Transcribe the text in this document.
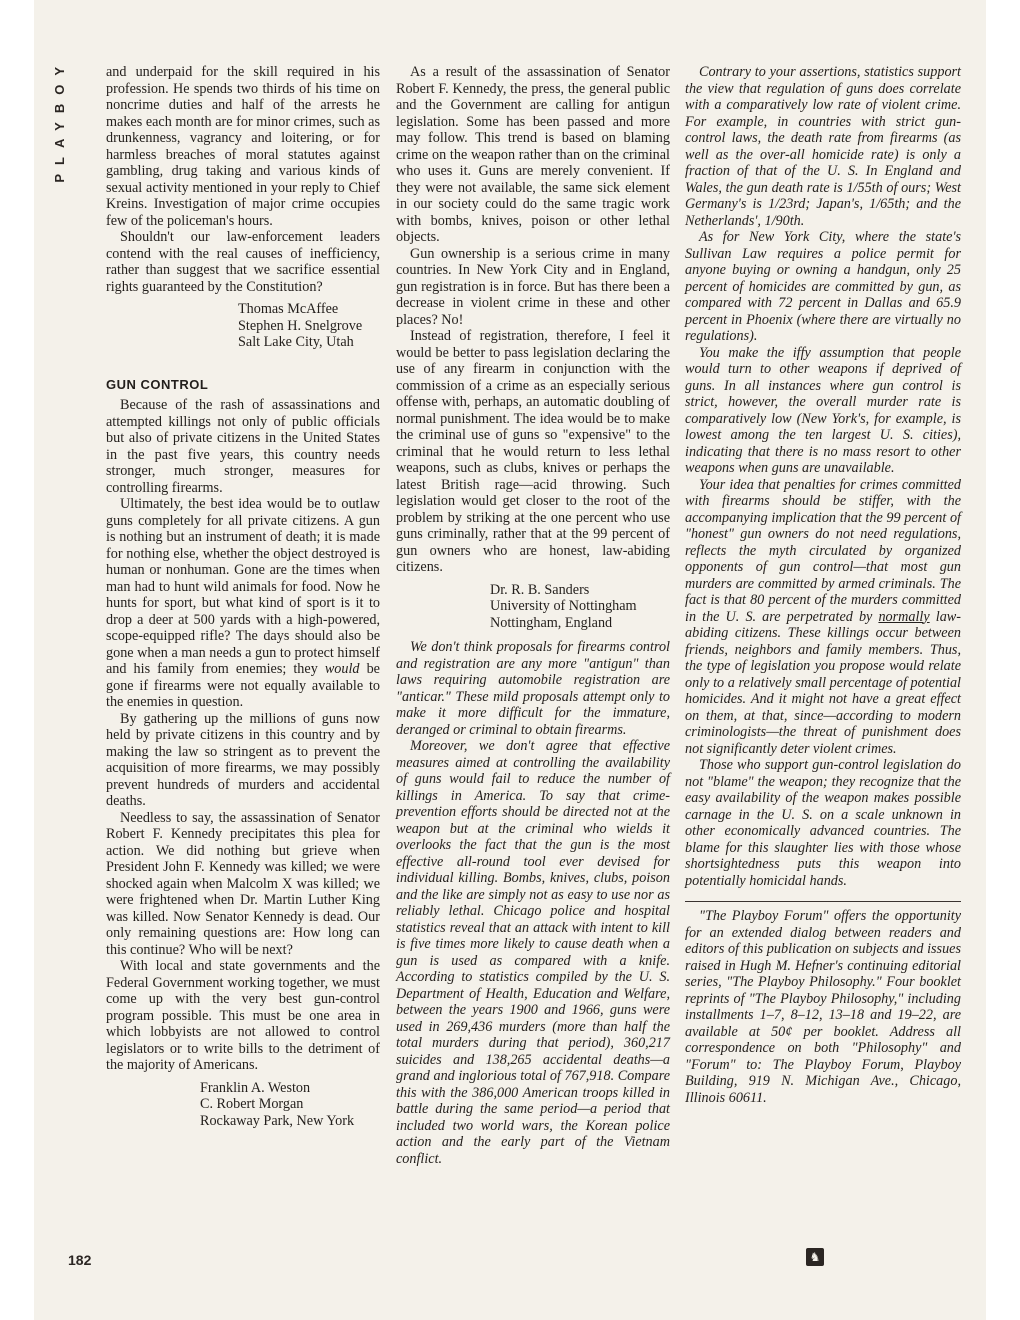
PLAYBOY	and underpaid for the skill required in his profession. He spends two thirds of his time on noncrime duties and half of the arrests he makes each month are for minor crimes, such as drunkenness, vagrancy and loitering, or for harmless breaches of moral statutes against gambling, drug taking and various kinds of sexual activity mentioned in your reply to Chief Kreins. Investigation of major crime occupies few of the policeman's hours.

Shouldn't our law-enforcement leaders contend with the real causes of inefficiency, rather than suggest that we sacrifice essential rights guaranteed by the Constitution?

Thomas McAffee
Stephen H. Snelgrove
Salt Lake City, Utah
GUN CONTROL

Because of the rash of assassinations and attempted killings not only of public officials but also of private citizens in the United States in the past five years, this country needs stronger, much stronger, measures for controlling firearms.

Ultimately, the best idea would be to outlaw guns completely for all private citizens. A gun is nothing but an instrument of death; it is made for nothing else, whether the object destroyed is human or nonhuman. Gone are the times when man had to hunt wild animals for food. Now he hunts for sport, but what kind of sport is it to drop a deer at 500 yards with a high-powered, scope-equipped rifle? The days should also be gone when a man needs a gun to protect himself and his family from enemies; they would be gone if firearms were not equally available to the enemies in question.

By gathering up the millions of guns now held by private citizens in this country and by making the law so stringent as to prevent the acquisition of more firearms, we may possibly prevent hundreds of murders and accidental deaths.

Needless to say, the assassination of Senator Robert F. Kennedy precipitates this plea for action. We did nothing but grieve when President John F. Kennedy was killed; we were shocked again when Malcolm X was killed; we were frightened when Dr. Martin Luther King was killed. Now Senator Kennedy is dead. Our only remaining questions are: How long can this continue? Who will be next?

With local and state governments and the Federal Government working together, we must come up with the very best gun-control program possible. This must be one area in which lobbyists are not allowed to control legislators or to write bills to the detriment of the majority of Americans.

Franklin A. Weston
C. Robert Morgan
Rockaway Park, New York

As a result of the assassination of Senator Robert F. Kennedy, the press, the general public and the Government are calling for antigun legislation. Some has been passed and more may follow. This trend is based on blaming crime on the weapon rather than on the criminal who uses it. Guns are merely convenient. If they were not available, the same sick element in our society could do the same tragic work with bombs, knives, poison or other lethal objects.

Gun ownership is a serious crime in many countries. In New York City and in England, gun registration is in force. But has there been a decrease in violent crime in these and other places? No!

Instead of registration, therefore, I feel it would be better to pass legislation declaring the use of any firearm in conjunction with the commission of a crime as an especially serious offense with, perhaps, an automatic doubling of normal punishment. The idea would be to make the criminal use of guns so "expensive" to the criminal that he would return to less lethal weapons, such as clubs, knives or perhaps the latest British rage—acid throwing. Such legislation would get closer to the root of the problem by striking at the one percent who use guns criminally, rather that at the 99 percent of gun owners who are honest, law-abiding citizens.

Dr. R. B. Sanders
University of Nottingham
Nottingham, England

We don't think proposals for firearms control and registration are any more "antigun" than laws requiring automobile registration are "anticar." These mild proposals attempt only to make it more difficult for the immature, deranged or criminal to obtain firearms.

Moreover, we don't agree that effective measures aimed at controlling the availability of guns would fail to reduce the number of killings in America. To say that crime-prevention efforts should be directed not at the weapon but at the criminal who wields it overlooks the fact that the gun is the most effective all-round tool ever devised for individual killing. Bombs, knives, clubs, poison and the like are simply not as easy to use nor as reliably lethal. Chicago police and hospital statistics reveal that an attack with intent to kill is five times more likely to cause death when a gun is used as compared with a knife. According to statistics compiled by the U. S. Department of Health, Education and Welfare, between the years 1900 and 1966, guns were used in 269,436 murders (more than half the total murders during that period), 360,217 suicides and 138,265 accidental deaths—a grand and inglorious total of 767,918. Compare this with the 386,000 American troops killed in battle during the same period—a period that included two world wars, the Korean police action and the early part of the Vietnam conflict.

Contrary to your assertions, statistics support the view that regulation of guns does correlate with a comparatively low rate of violent crime. For example, in countries with strict gun-control laws, the death rate from firearms (as well as the over-all homicide rate) is only a fraction of that of the U. S. In England and Wales, the gun death rate is 1/55th of ours; West Germany's is 1/23rd; Japan's, 1/65th; and the Netherlands', 1/90th.

As for New York City, where the state's Sullivan Law requires a police permit for anyone buying or owning a handgun, only 25 percent of homicides are committed by gun, as compared with 72 percent in Dallas and 65.9 percent in Phoenix (where there are virtually no regulations).

You make the iffy assumption that people would turn to other weapons if deprived of guns. In all instances where gun control is strict, however, the overall murder rate is comparatively low (New York's, for example, is lowest among the ten largest U. S. cities), indicating that there is no mass resort to other weapons when guns are unavailable.

Your idea that penalties for crimes committed with firearms should be stiffer, with the accompanying implication that the 99 percent of "honest" gun owners do not need regulations, reflects the myth circulated by organized opponents of gun control—that most gun murders are committed by armed criminals. The fact is that 80 percent of the murders committed in the U. S. are perpetrated by normally law-abiding citizens. These killings occur between friends, neighbors and family members. Thus, the type of legislation you propose would relate only to a relatively small percentage of potential homicides. And it might not have a great effect on them, at that, since—according to modern criminologists—the threat of punishment does not significantly deter violent crimes.

Those who support gun-control legislation do not "blame" the weapon; they recognize that the easy availability of the weapon makes possible carnage in the U. S. on a scale unknown in other economically advanced countries. The blame for this slaughter lies with those whose shortsightedness puts this weapon into potentially homicidal hands.

"The Playboy Forum" offers the opportunity for an extended dialog between readers and editors of this publication on subjects and issues raised in Hugh M. Hefner's continuing editorial series, "The Playboy Philosophy." Four booklet reprints of "The Playboy Philosophy," including installments 1–7, 8–12, 13–18 and 19–22, are available at 50¢ per booklet. Address all correspondence on both "Philosophy" and "Forum" to: The Playboy Forum, Playboy Building, 919 N. Michigan Ave., Chicago, Illinois 60611.

182	♞
